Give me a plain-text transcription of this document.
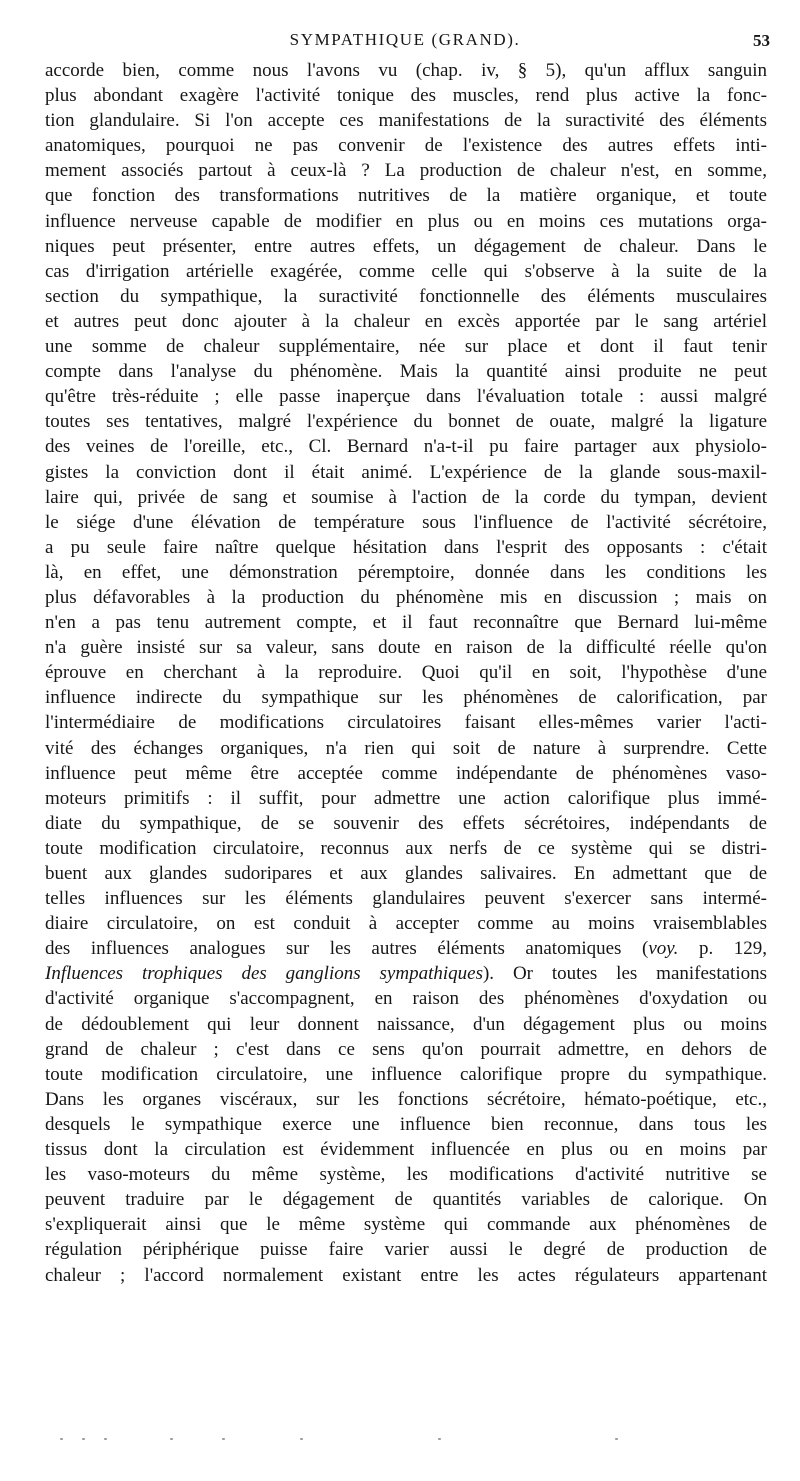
SYMPATHIQUE (GRAND).	53
accorde bien, comme nous l'avons vu (chap. iv, § 5), qu'un afflux sanguin
plus abondant exagère l'activité tonique des muscles, rend plus active la fonc-
tion glandulaire. Si l'on accepte ces manifestations de la suractivité des éléments
anatomiques, pourquoi ne pas convenir de l'existence des autres effets inti-
mement associés partout à ceux-là ? La production de chaleur n'est, en somme,
que fonction des transformations nutritives de la matière organique, et toute
influence nerveuse capable de modifier en plus ou en moins ces mutations orga-
niques peut présenter, entre autres effets, un dégagement de chaleur. Dans le
cas d'irrigation artérielle exagérée, comme celle qui s'observe à la suite de la
section du sympathique, la suractivité fonctionnelle des éléments musculaires
et autres peut donc ajouter à la chaleur en excès apportée par le sang artériel
une somme de chaleur supplémentaire, née sur place et dont il faut tenir
compte dans l'analyse du phénomène. Mais la quantité ainsi produite ne peut
qu'être très-réduite ; elle passe inaperçue dans l'évaluation totale : aussi malgré
toutes ses tentatives, malgré l'expérience du bonnet de ouate, malgré la ligature
des veines de l'oreille, etc., Cl. Bernard n'a-t-il pu faire partager aux physiolo-
gistes la conviction dont il était animé. L'expérience de la glande sous-maxil-
laire qui, privée de sang et soumise à l'action de la corde du tympan, devient
le siége d'une élévation de température sous l'influence de l'activité sécrétoire,
a pu seule faire naître quelque hésitation dans l'esprit des opposants : c'était
là, en effet, une démonstration péremptoire, donnée dans les conditions les
plus défavorables à la production du phénomène mis en discussion ; mais on
n'en a pas tenu autrement compte, et il faut reconnaître que Bernard lui-même
n'a guère insisté sur sa valeur, sans doute en raison de la difficulté réelle qu'on
éprouve en cherchant à la reproduire. Quoi qu'il en soit, l'hypothèse d'une
influence indirecte du sympathique sur les phénomènes de calorification, par
l'intermédiaire de modifications circulatoires faisant elles-mêmes varier l'acti-
vité des échanges organiques, n'a rien qui soit de nature à surprendre. Cette
influence peut même être acceptée comme indépendante de phénomènes vaso-
moteurs primitifs : il suffit, pour admettre une action calorifique plus immé-
diate du sympathique, de se souvenir des effets sécrétoires, indépendants de
toute modification circulatoire, reconnus aux nerfs de ce système qui se distri-
buent aux glandes sudoripares et aux glandes salivaires. En admettant que de
telles influences sur les éléments glandulaires peuvent s'exercer sans intermé-
diaire circulatoire, on est conduit à accepter comme au moins vraisemblables
des influences analogues sur les autres éléments anatomiques (voy. p. 129,
Influences trophiques des ganglions sympathiques). Or toutes les manifestations
d'activité organique s'accompagnent, en raison des phénomènes d'oxydation ou
de dédoublement qui leur donnent naissance, d'un dégagement plus ou moins
grand de chaleur ; c'est dans ce sens qu'on pourrait admettre, en dehors de
toute modification circulatoire, une influence calorifique propre du sympathique.
Dans les organes viscéraux, sur les fonctions sécrétoire, hémato-poétique, etc.,
desquels le sympathique exerce une influence bien reconnue, dans tous les
tissus dont la circulation est évidemment influencée en plus ou en moins par
les vaso-moteurs du même système, les modifications d'activité nutritive se
peuvent traduire par le dégagement de quantités variables de calorique. On
s'expliquerait ainsi que le même système qui commande aux phénomènes de
régulation périphérique puisse faire varier aussi le degré de production de
chaleur ; l'accord normalement existant entre les actes régulateurs appartenant
